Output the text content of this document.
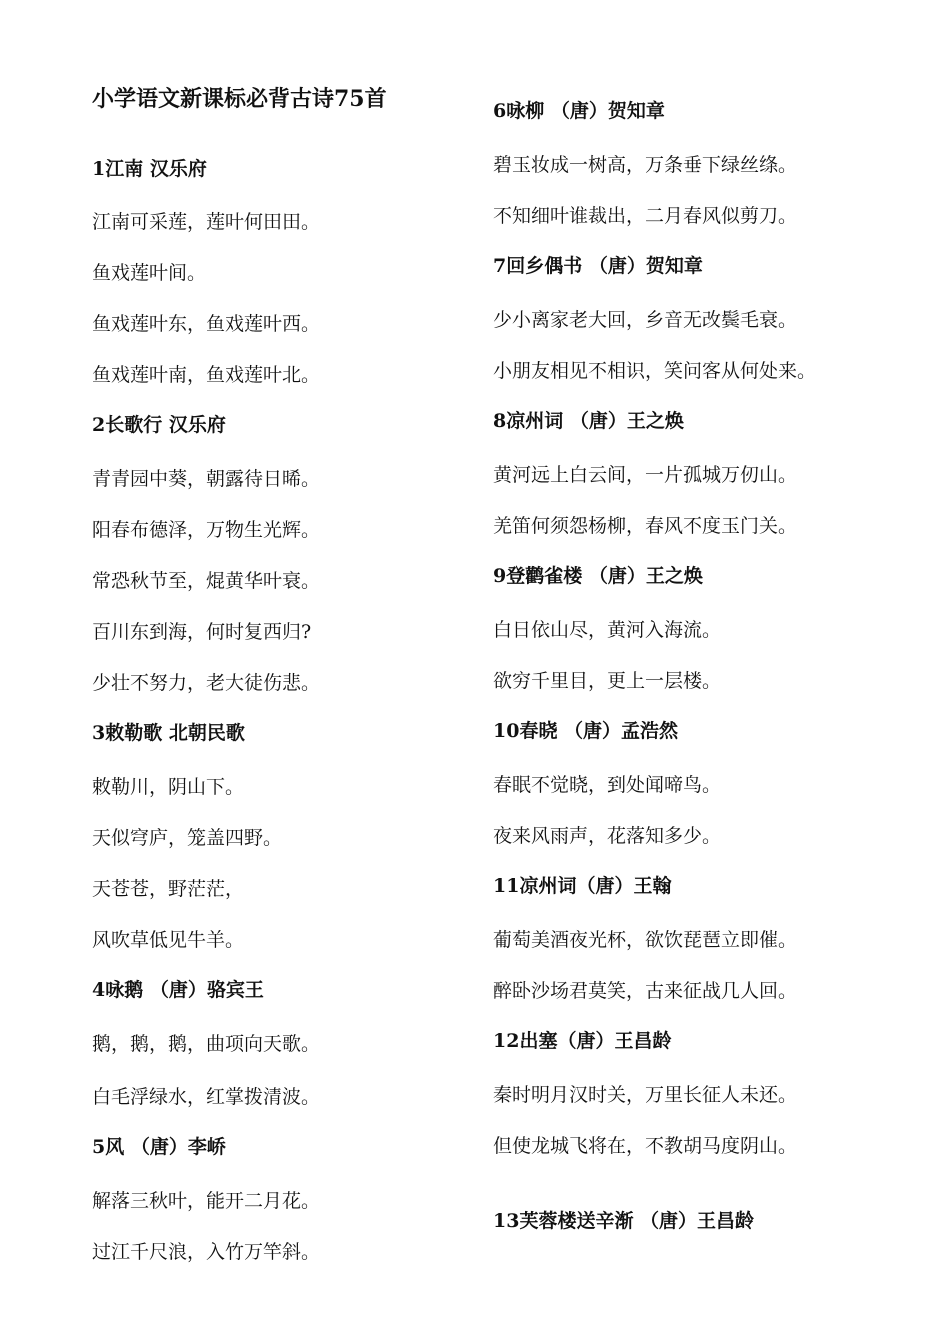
小学语文新课标必背古诗75首
1江南 汉乐府
江南可采莲，莲叶何田田。
鱼戏莲叶间。
鱼戏莲叶东，鱼戏莲叶西。
鱼戏莲叶南，鱼戏莲叶北。
2长歌行 汉乐府
青青园中葵，朝露待日晞。
阳春布德泽，万物生光辉。
常恐秋节至，焜黄华叶衰。
百川东到海，何时复西归?
少壮不努力，老大徒伤悲。
3敕勒歌 北朝民歌
敕勒川，阴山下。
天似穹庐，笼盖四野。
天苍苍，野茫茫，
风吹草低见牛羊。
4咏鹅 （唐）骆宾王
鹅，鹅，鹅，曲项向天歌。
白毛浮绿水，红掌拨清波。
5风 （唐）李峤
解落三秋叶，能开二月花。
过江千尺浪，入竹万竿斜。
6咏柳 （唐）贺知章
碧玉妆成一树高，万条垂下绿丝绦。
不知细叶谁裁出，二月春风似剪刀。
7回乡偶书 （唐）贺知章
少小离家老大回，乡音无改鬓毛衰。
小朋友相见不相识，笑问客从何处来。
8凉州词 （唐）王之焕
黄河远上白云间，一片孤城万仞山。
羌笛何须怨杨柳，春风不度玉门关。
9登鹳雀楼 （唐）王之焕
白日依山尽，黄河入海流。
欲穷千里目，更上一层楼。
10春晓 （唐）孟浩然
春眠不觉晓，到处闻啼鸟。
夜来风雨声，花落知多少。
11凉州词（唐）王翰
葡萄美酒夜光杯，欲饮琵琶立即催。
醉卧沙场君莫笑，古来征战几人回。
12出塞（唐）王昌龄
秦时明月汉时关，万里长征人未还。
但使龙城飞将在，不教胡马度阴山。
13芙蓉楼送辛渐 （唐）王昌龄
